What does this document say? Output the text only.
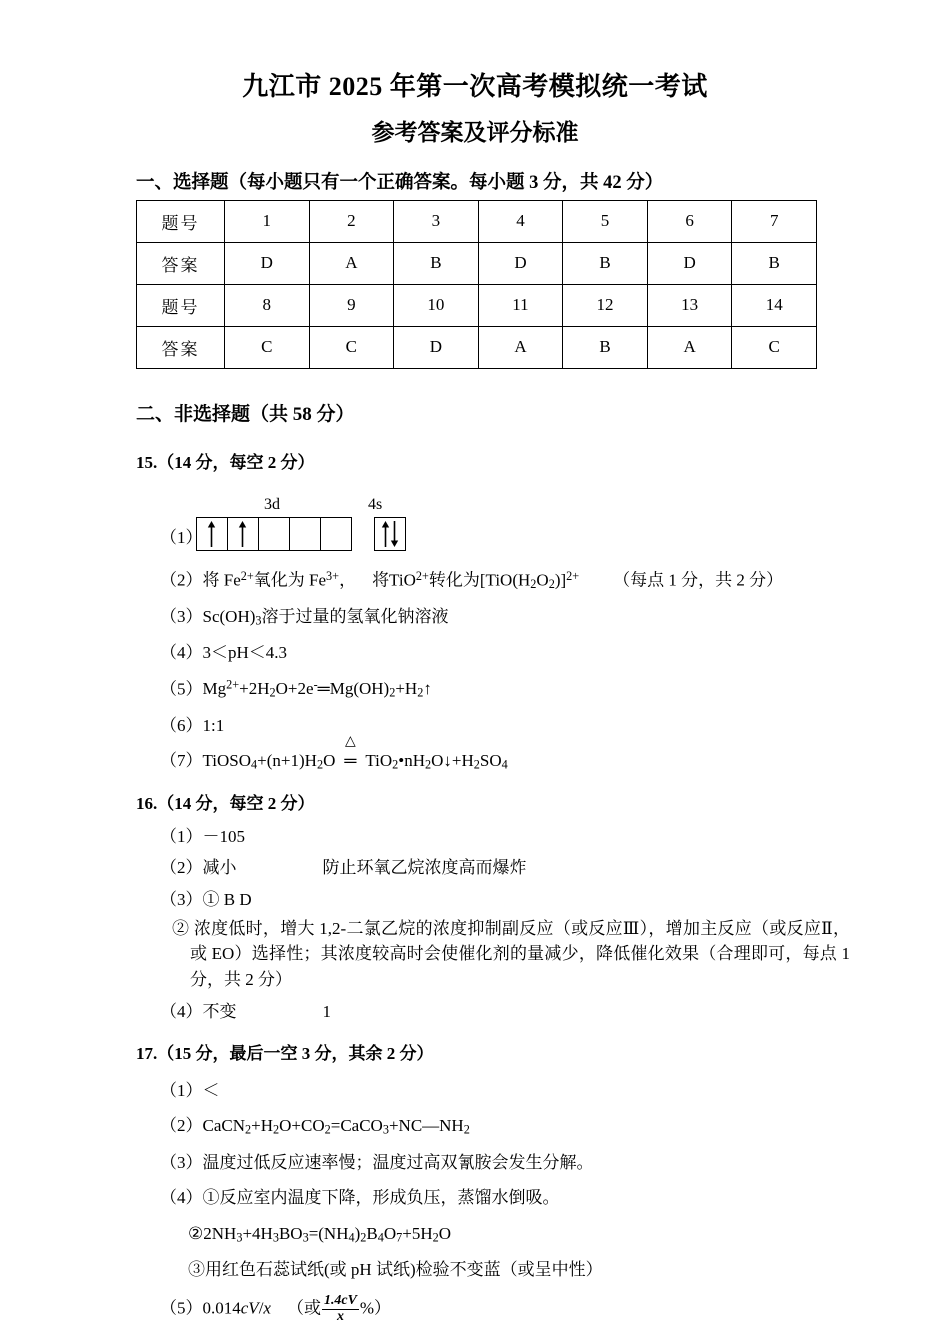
九江市 2025 年第一次高考模拟统一考试
参考答案及评分标准
一、选择题（每小题只有一个正确答案。每小题 3 分，共 42 分）
题号	1	2	3	4	5	6	7
答案	D	A	B	D	B	D	B
题号	8	9	10	11	12	13	14
答案	C	C	D	A	B	A	C
二、非选择题（共 58 分）
15.（14 分，每空 2 分）
（1）
3d	4s
（2）将 $Fe^{2+}$氧化为 $Fe^{3+}$， 将TiO$^{2+}$转化为$[TiO(H_2O_2)]^{2+}$ （每点 1 分，共 2 分）
$(3)Sc(OH)_3$溶于过量的氢氧化钠溶液
（4）3＜pH＜4.3
$(5)Mg^{2+}+2H_2O+2e^-═Mg(OH)_2+H_2↑$
（6）1:1
$(7)TiOSO_4+(n+1)H_2O$
△
═ $TiO_2•nH_2O↓+H_2SO_4$
16.（14 分，每空 2 分）
（1）－105
（2）减小	防止环氧乙烷浓度高而爆炸
（3）① B D
② 浓度低时，增大 1,2-二氯乙烷的浓度抑制副反应（或反应Ⅲ），增加主反应（或反应Ⅱ，或 EO）选择性；其浓度较高时会使催化剂的量减少，降低催化效果（合理即可，每点 1 分，共 2 分）
（4）不变	1
17.（15 分，最后一空 3 分，其余 2 分）
（1）＜
$(2)CaCN_2+H_2O+CO_2=CaCO_3+NC—NH_2$
（3）温度过低反应速率慢；温度过高双氰胺会发生分解。
（4）①反应室内温度下降，形成负压，蒸馏水倒吸。
$②2NH_3+4H_3BO_3=(NH_4)_2B_4O_7+5H_2O$
③用红色石蕊试纸(或 pH 试纸)检验不变蓝（或呈中性）
（5）0.014cV/x （或 $\frac{1.4cV}{x}$ %）
